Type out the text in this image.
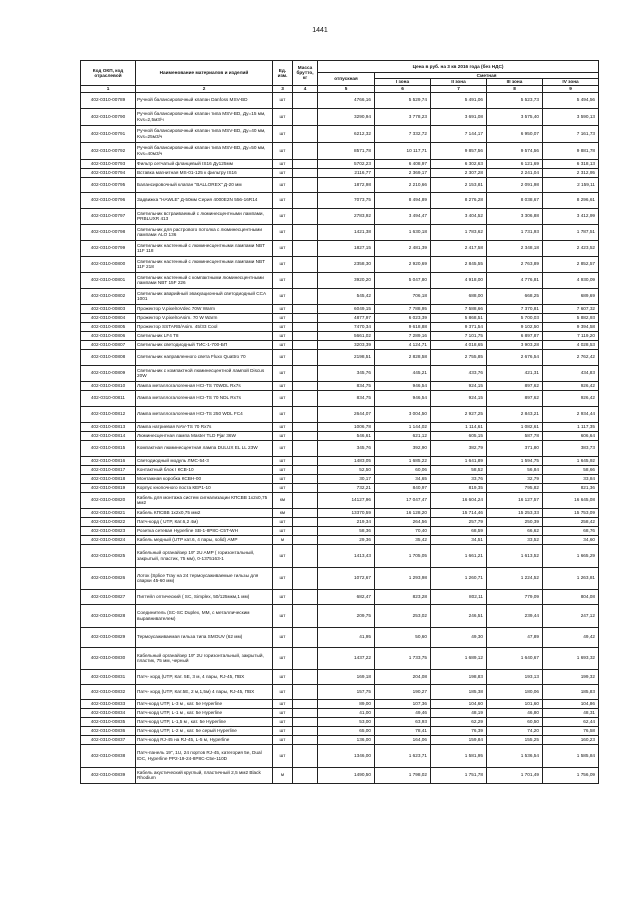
1441
Код ОКП, код отраслевой	Наименование материалов и изделий	Ед. изм.	Масса брутто, кг	Цена в руб. на 3 кв 2016 года (без НДС)				
				отпускная	Сметная			
					I зона	II зона	III зона	IV зона
1	2	3	4	5	6	7	8	9
402-0310-00789	Ручной балансировочный клапан Danfoss MSV-BD	шт		4766,16	5 529,74	5 491,06	5 523,73	5 494,56
402-0310-00790	Ручной балансировочный клапан типа MSV-BD, Ду=15 мм, Kvs=2,5м3/ч	шт		3290,94	3 778,23	3 691,08	3 575,40	3 590,13
402-0310-00791	Ручной балансировочный клапан типа MSV-BD, Ду=40 мм, Kvs=25м3/ч	шт		6212,32	7 332,72	7 144,17	6 950,07	7 161,73
402-0310-00792	Ручной балансировочный клапан типа MSV-BD, Ду=50 мм, Kvs=40м3/ч	шт		8571,78	10 117,71	9 857,56	9 574,56	9 881,78
402-0310-00793	Фильтр сетчатый фланцевый IS16 Ду125мм	шт		5702,23	6 408,97	6 302,63	6 121,69	6 318,13
402-0310-00794	Вставка магнитная MS-01-125 к фильтру IS16	шт		2116,77	2 369,17	2 307,28	2 241,04	2 312,95
402-0310-00795	Балансировочный клапан "BALLOREX" Д-20 мм	шт		1872,98	2 210,66	2 153,81	2 091,98	2 159,11
402-0310-00796	Задвижка "HAWLE" Д-50мм Серия 4000E2N 556-16R14	шт		7073,75	8 494,89	8 276,28	8 038,67	8 296,61
402-0310-00797	Светильник встраиваемый с люминесцентными лампами, PRBLUXR 413	шт		2783,92	3 494,47	3 404,52	3 306,88	3 412,99
402-0310-00798	Светильник для растрового потолка с люминесцентными лампами ALO 136	шт		1421,38	1 630,18	1 783,62	1 731,93	1 787,51
402-0310-00799	Светильник настенный с люминесцентными лампами NBT 11F 118	шт		1827,15	2 481,39	2 417,58	2 348,18	2 423,52
402-0310-00800	Светильник настенный с люминесцентными лампами NBT 11F 218	шт		2358,30	2 920,69	2 845,55	2 763,89	2 852,57
402-0310-00801	Светильник настенный с компактными люминесцентными лампами NBT 15F 226	шт		3920,20	5 047,80	4 918,00	4 776,81	4 930,09
402-0310-00802	Светильник аварийный эвакуационный светодиодный CCA 1001	шт		545,42	706,18	688,00	668,25	689,69
402-0310-00803	Прожектор V.pixelroVdec 70W Warm	шт		6049,15	7 788,95	7 588,66	7 370,81	7 607,32
402-0310-00804	Прожектор V.pixelroAsim. 70 W Warm	шт		4877,97	6 023,39	5 868,51	5 700,03	5 882,93
402-0310-00805	Прожектор SSTARB/Asim. 45/33 Cool	шт		7470,34	9 618,88	9 371,54	9 102,50	9 394,58
402-0310-00806	Светильник LF4 T8	шт		5661,02	7 289,16	7 101,75	6 897,87	7 119,20
402-0310-00807	Светильник светодиодный ТИС-1-700-БП	шт		3203,39	4 124,71	4 018,65	3 903,28	4 028,53
402-0310-00808	Светильник направленного света Fluxx Quattro 70	шт		2198,51	2 828,58	2 755,85	2 676,54	2 762,42
402-0310-00809	Светильник с компактной люминесцентной лампой Discus 20W	шт		345,76	445,21	433,76	421,31	434,83
402-0310-00810	Лампа металлогалогенная HCI-TS 70WDL Rx7s	шт		834,75	946,54	924,15	897,62	926,42
402-0310-00811	Лампа металлогалогенная HCI-TS 70 NDL Rx7s	шт		834,75	946,54	924,15	897,62	926,42
402-0310-00812	Лампа металлогалогенная HCI-TS 250 WDL FC4	шт		2644,07	3 004,50	2 927,25	2 843,21	2 934,44
402-0310-00813	Лампа натриевая NAV-TS 70 Rx7s	шт		1006,78	1 144,02	1 114,61	1 082,61	1 117,35
402-0310-00814	Люминесцентная лампа Master TLD Pjar 36W	шт		546,61	621,12	605,15	587,78	606,64
402-0310-00815	Компактная люминесцентная лампа DULUX EL LL 23W	шт		345,76	392,90	382,79	371,80	383,73
402-0310-00816	Светодиодный модуль ЛМС-54-3	шт		1483,05	1 685,22	1 641,89	1 594,75	1 645,92
402-0310-00817	Контактный блок I КСВ-10	шт		52,50	60,06	58,52	56,84	58,66
402-0310-00818	Монтажная коробка КСВН-00	шт		30,17	34,65	33,76	32,79	33,84
402-0310-00819	Корпус кнопочного поста КЕР1-10	шт		732,21	840,97	819,35	795,82	821,36
402-0310-00820	Кабель для монтажа систем сигнализации КПСВВ 1х2х0,75 мм2	км		14127,96	17 047,47	16 604,24	16 127,57	16 645,08
402-0310-00821	Кабель КПСВВ 1х2х0,75 мм2	км		13370,59	16 128,20	15 714,46	15 253,33	15 753,09
402-0310-00822	Патч-корд ( UTP, Кат.6,2 4м)	шт		219,34	264,56	257,79	250,39	258,42
402-0310-00823	Розетка сетевая Hyperline SB-1-8P8C-C5T-WH	шт		58,36	70,40	68,59	66,62	68,76
402-0310-00824	Кабель медный (UTP кат.6, 4 пары, solid) AMP	м		29,36	35,42	34,51	33,52	34,60
402-0310-00825	Кабельный органайзер 19" 2U AMP ( горизонтальный, закрытый, пластик, 75 мм), 0-1375163-1	шт		1413,43	1 705,05	1 661,21	1 613,52	1 665,29
402-0310-00826	Лоток (Splice Tray на 24 термоусаживаемые гильзы для сварки 45-60 мм)	шт		1072,67	1 293,98	1 260,71	1 224,52	1 263,81
402-0310-00827	Пигтейл оптический ( SC, Simplex, 50/125мкм,1 мм)	шт		682,47	823,28	802,11	779,09	804,08
402-0310-00828	Соединитель (SC-SC Duplex, MM, с металлическим выравнивателем)	шт		209,75	253,02	246,51	239,44	247,12
402-0310-00829	Термоусаживаемая гильза типа SMOUV (62 мм)	шт		41,95	50,60	49,30	47,89	49,42
402-0310-00830	Кабельный органайзер 19" 2U горизонтальный, закрытый, пластик, 75 мм, черный	шт		1437,22	1 733,75	1 689,12	1 640,67	1 693,32
402-0310-00831	Патч- корд (UTP, Кат. 5Е, 3 м, 4 пары, RJ-45, ПВХ	шт		169,18	204,08	198,83	193,13	199,32
402-0310-00832	Патч- корд (UTP, Кат.5Е, 2 м,1,5м) 4 пары, RJ-45, ПВХ	шт		157,75	190,27	185,38	180,06	185,83
402-0310-00833	Патч-корд UTP, L-3 м , кат. 5е Hyperline	шт		89,00	107,36	104,60	101,60	104,86
402-0310-00834	Патч-корд UTP, L-1 м , кат. 5е Hyperline	шт		41,00	49,46	48,19	46,80	48,31
402-0310-00835	Патч-корд UTP, L-1,5 м , кат. 5е Hyperline	шт		53,00	63,93	62,29	60,50	62,44
402-0310-00836	Патч-корд UTP, L-2 м , кат. 5е серый Hyperline	шт		65,00	78,41	76,39	74,20	76,58
402-0310-00837	Патч-корд RJ-45 на RJ-45, L-5 м, Hyperline	шт		136,00	164,06	159,84	155,25	160,23
402-0310-00838	Патч-панель 19", 1U, 24 портов RJ-45, категория 5e, Dual IDC, Hyperline PP2-19-24-8P8C-C5e-110D	шт		1346,00	1 623,71	1 581,95	1 536,54	1 585,84
402-0310-00839	Кабель акустический круглый, пластичный 2,5 мм2 Black Rhodium	м		1490,50	1 798,02	1 751,78	1 701,49	1 756,09
